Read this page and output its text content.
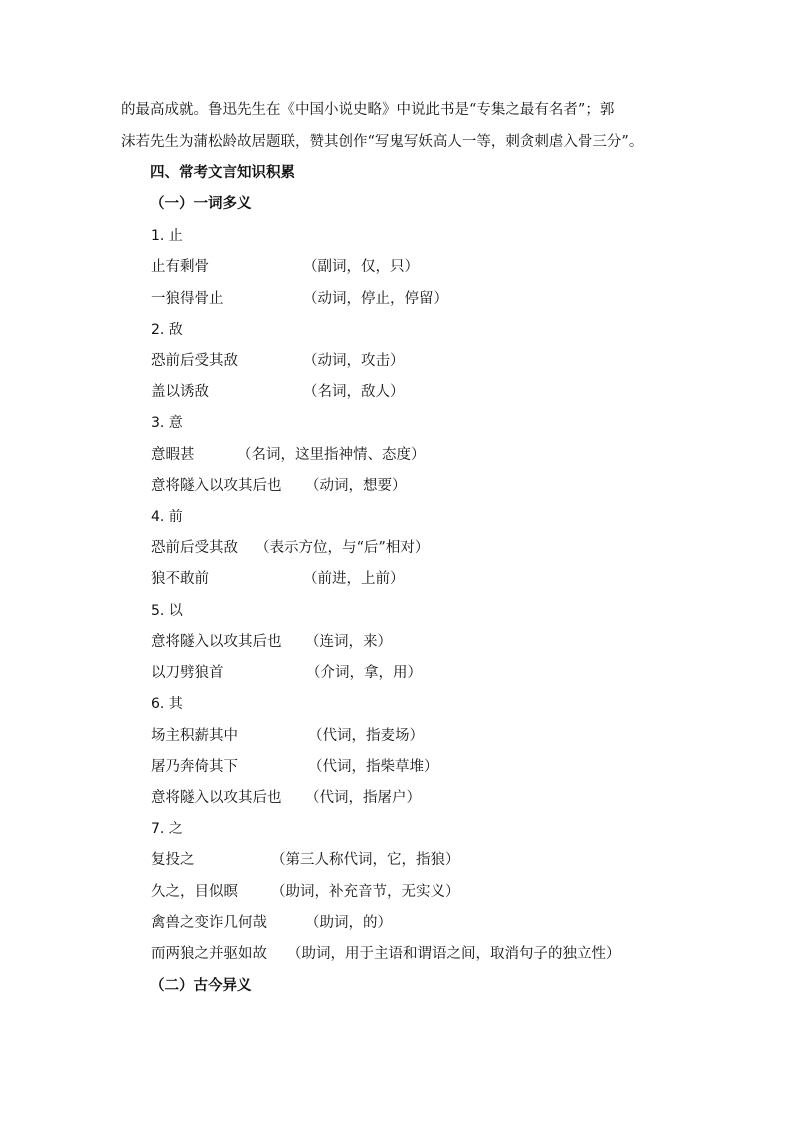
的最高成就。鲁迅先生在《中国小说史略》中说此书是“专集之最有名者”；郭
沫若先生为蒲松龄故居题联，赞其创作“写鬼写妖高人一等，刺贪刺虐入骨三分”。
四、常考文言知识积累
（一）一词多义
1. 止
止有剩骨	（副词，仅，只）
一狼得骨止	（动词，停止，停留）
2. 敌
恐前后受其敌	（动词，攻击）
盖以诱敌	（名词，敌人）
3. 意
意暇甚	（名词，这里指神情、态度）
意将隧入以攻其后也 （动词，想要）
4. 前
恐前后受其敌 （表示方位，与“后”相对）
狼不敢前	（前进，上前）
5. 以
意将隧入以攻其后也 （连词，来）
以刀劈狼首	（介词，拿，用）
6. 其
场主积薪其中	（代词，指麦场）
屠乃奔倚其下	（代词，指柴草堆）
意将隧入以攻其后也 （代词，指屠户）
7. 之
复投之	（第三人称代词，它，指狼）
久之，目似瞑 （助词，补充音节，无实义）
禽兽之变诈几何哉	（助词，的）
而两狼之并驱如故 （助词，用于主语和谓语之间，取消句子的独立性）
（二）古今异义
